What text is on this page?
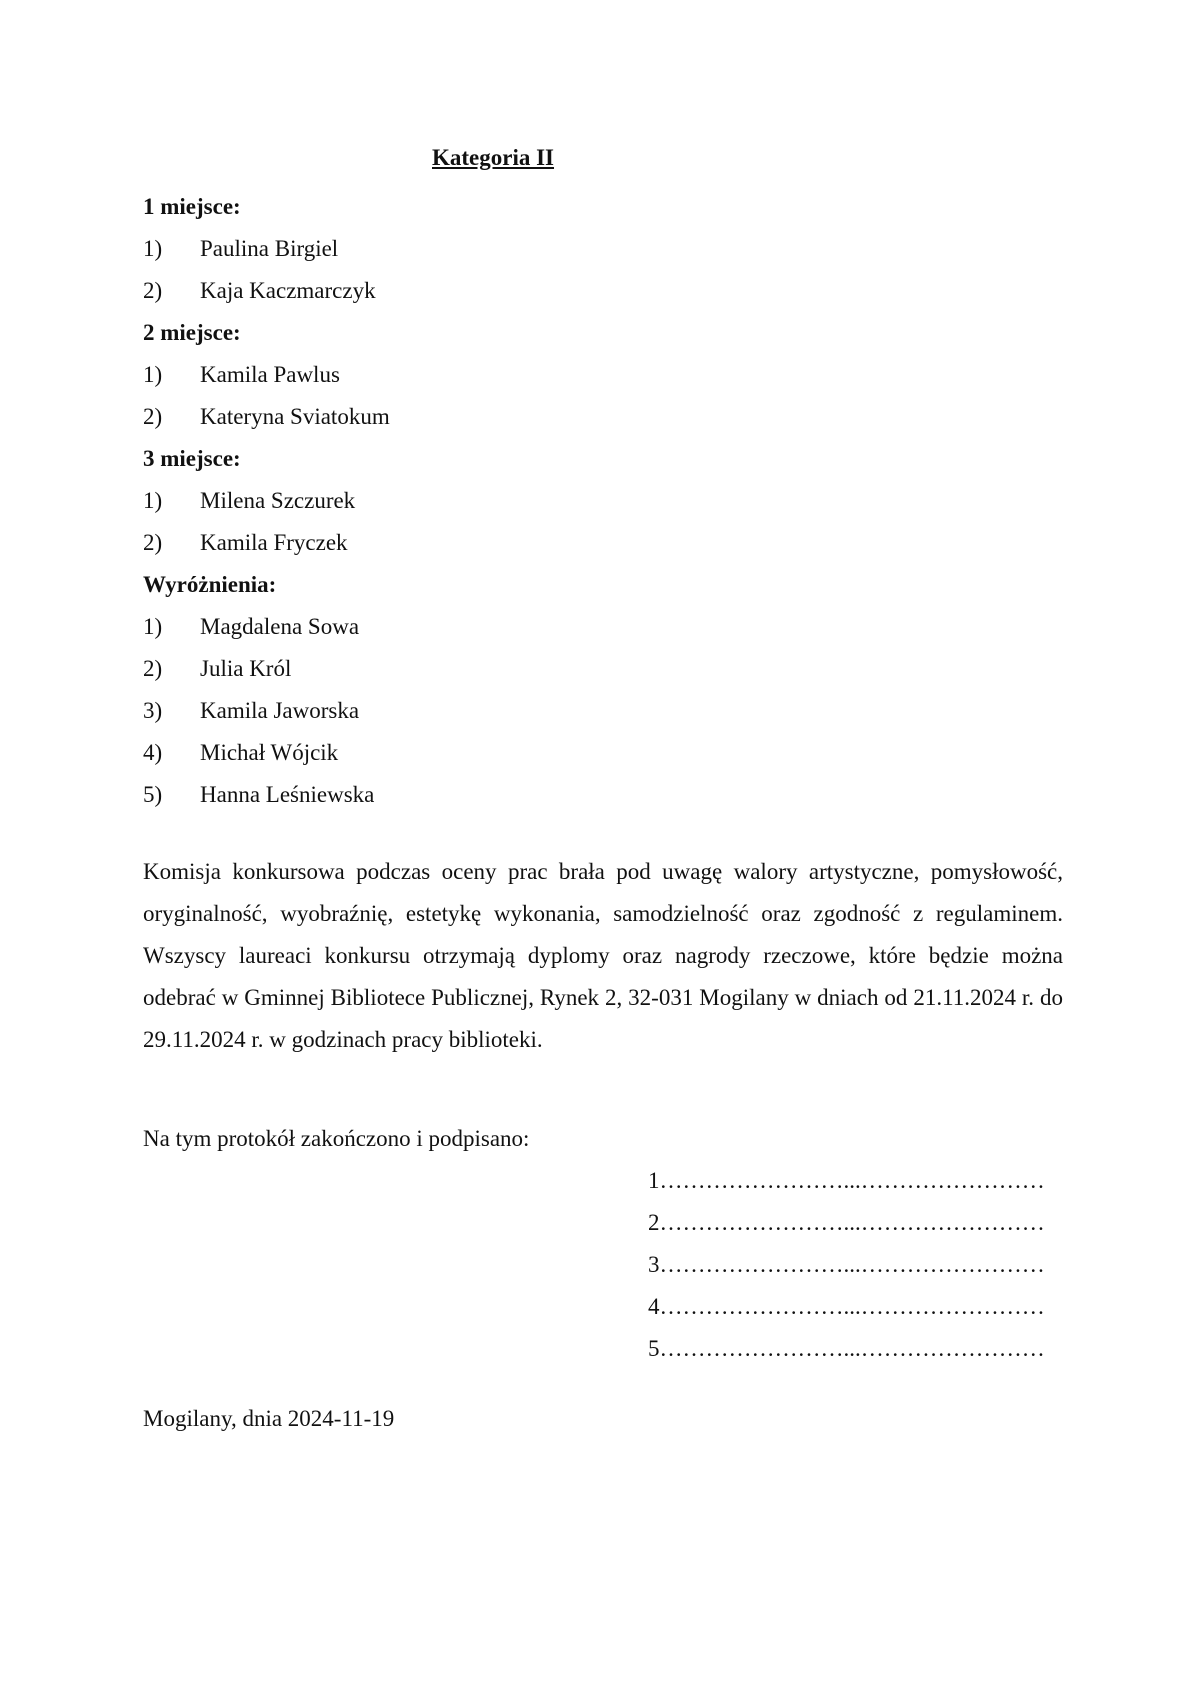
Kategoria II
1 miejsce:
1) Paulina Birgiel
2) Kaja Kaczmarczyk
2 miejsce:
1) Kamila Pawlus
2) Kateryna Sviatokum
3 miejsce:
1) Milena Szczurek
2) Kamila Fryczek
Wyróżnienia:
1) Magdalena Sowa
2) Julia Król
3) Kamila Jaworska
4) Michał Wójcik
5) Hanna Leśniewska
Komisja konkursowa podczas oceny prac brała pod uwagę walory artystyczne, pomysłowość, oryginalność, wyobraźnię, estetykę wykonania, samodzielność oraz zgodność z regulaminem. Wszyscy laureaci konkursu otrzymają dyplomy oraz nagrody rzeczowe, które będzie można odebrać w Gminnej Bibliotece Publicznej, Rynek 2, 32-031 Mogilany w dniach od 21.11.2024 r. do 29.11.2024 r. w godzinach pracy biblioteki.
Na tym protokół zakończono i podpisano:
1……………………...……………………
2……………………...……………………
3……………………...……………………
4……………………...……………………
5……………………...……………………
Mogilany, dnia 2024-11-19
